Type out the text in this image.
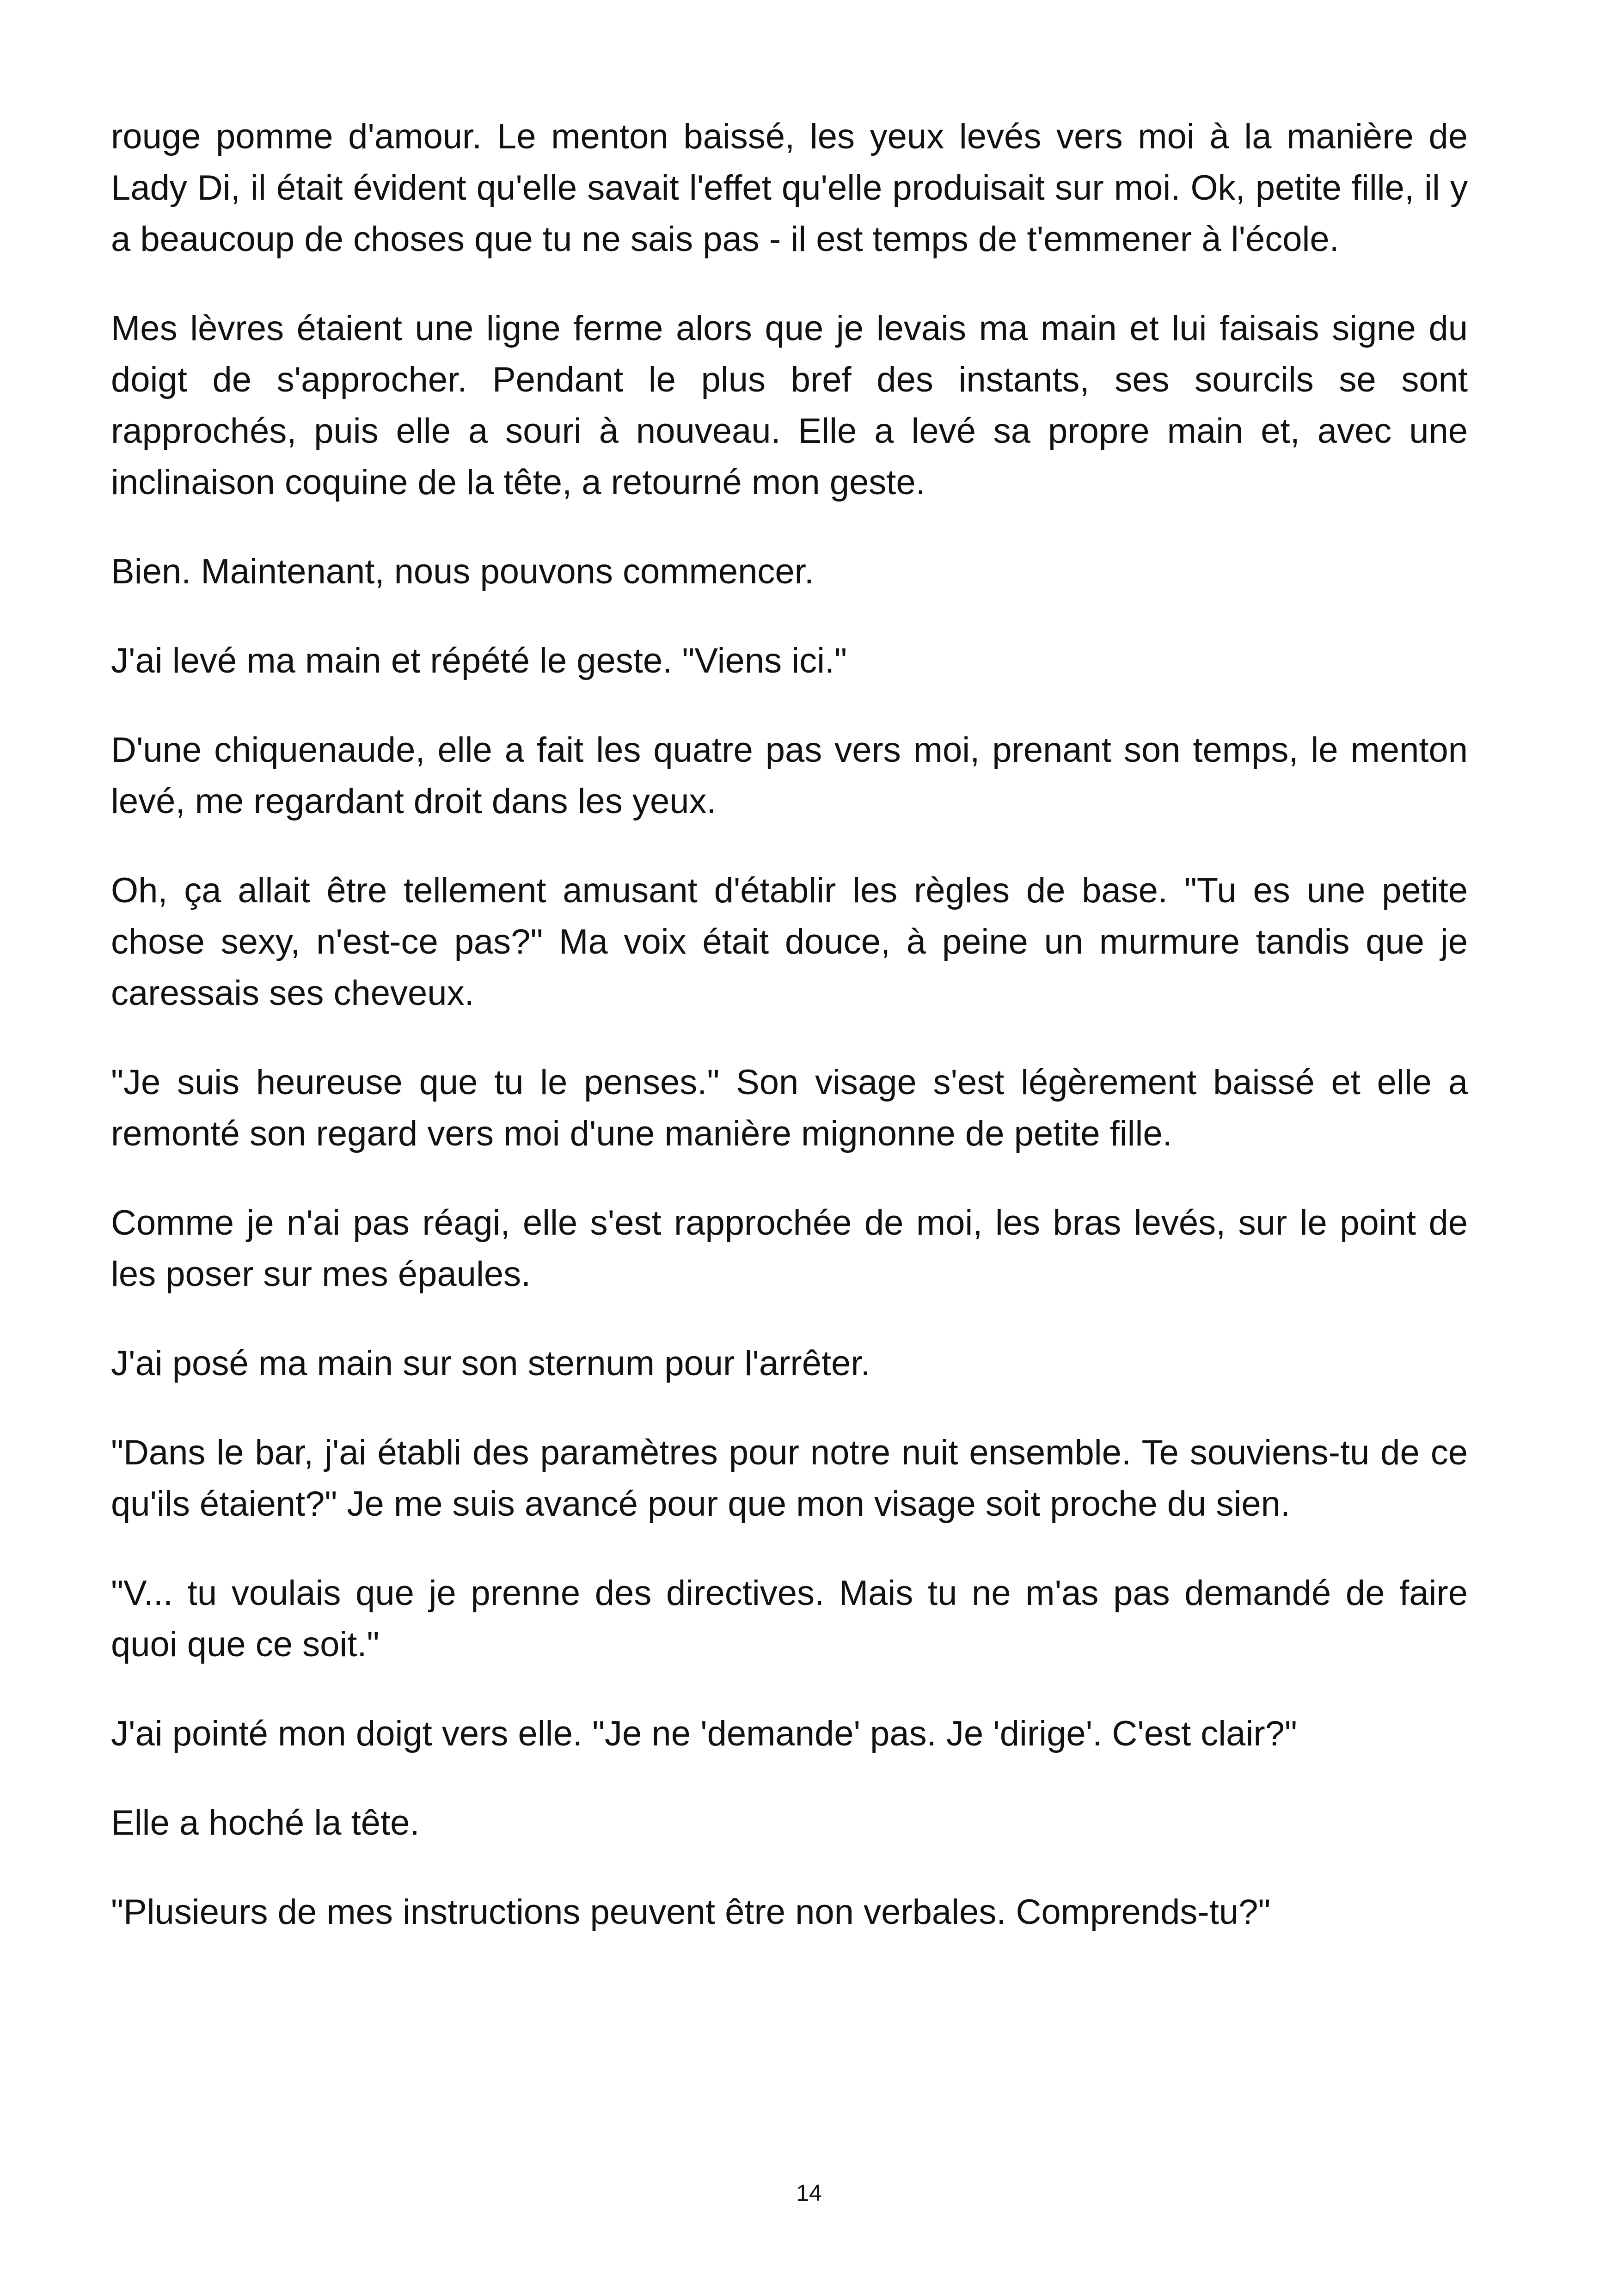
rouge pomme d'amour. Le menton baissé, les yeux levés vers moi à la manière de Lady Di, il était évident qu'elle savait l'effet qu'elle produisait sur moi. Ok, petite fille, il y a beaucoup de choses que tu ne sais pas - il est temps de t'emmener à l'école.

Mes lèvres étaient une ligne ferme alors que je levais ma main et lui faisais signe du doigt de s'approcher. Pendant le plus bref des instants, ses sourcils se sont rapprochés, puis elle a souri à nouveau. Elle a levé sa propre main et, avec une inclinaison coquine de la tête, a retourné mon geste.

Bien. Maintenant, nous pouvons commencer.

J'ai levé ma main et répété le geste. "Viens ici."

D'une chiquenaude, elle a fait les quatre pas vers moi, prenant son temps, le menton levé, me regardant droit dans les yeux.

Oh, ça allait être tellement amusant d'établir les règles de base. "Tu es une petite chose sexy, n'est-ce pas?" Ma voix était douce, à peine un murmure tandis que je caressais ses cheveux.

"Je suis heureuse que tu le penses." Son visage s'est légèrement baissé et elle a remonté son regard vers moi d'une manière mignonne de petite fille.

Comme je n'ai pas réagi, elle s'est rapprochée de moi, les bras levés, sur le point de les poser sur mes épaules.

J'ai posé ma main sur son sternum pour l'arrêter.

"Dans le bar, j'ai établi des paramètres pour notre nuit ensemble. Te souviens-tu de ce qu'ils étaient?" Je me suis avancé pour que mon visage soit proche du sien.

"V... tu voulais que je prenne des directives. Mais tu ne m'as pas demandé de faire quoi que ce soit."

J'ai pointé mon doigt vers elle. "Je ne 'demande' pas. Je 'dirige'. C'est clair?"

Elle a hoché la tête.

"Plusieurs de mes instructions peuvent être non verbales. Comprends-tu?"

14
